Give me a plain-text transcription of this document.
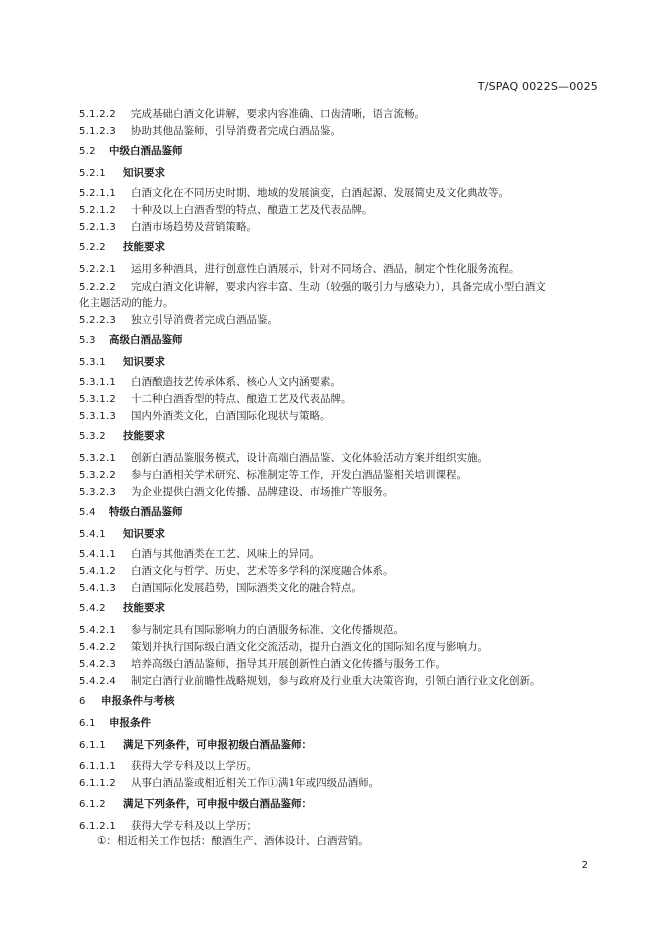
T/SPAQ 0022S—0025
5.1.2.2 完成基础白酒文化讲解，要求内容准确、口齿清晰，语言流畅。
5.1.2.3 协助其他品鉴师，引导消费者完成白酒品鉴。
5.2 中级白酒品鉴师
5.2.1 知识要求
5.2.1.1 白酒文化在不同历史时期、地域的发展演变，白酒起源、发展简史及文化典故等。
5.2.1.2 十种及以上白酒香型的特点、酿造工艺及代表品牌。
5.2.1.3 白酒市场趋势及营销策略。
5.2.2 技能要求
5.2.2.1 运用多种酒具，进行创意性白酒展示，针对不同场合、酒品，制定个性化服务流程。
5.2.2.2 完成白酒文化讲解，要求内容丰富、生动（较强的吸引力与感染力），具备完成小型白酒文
化主题活动的能力。
5.2.2.3 独立引导消费者完成白酒品鉴。
5.3 高级白酒品鉴师
5.3.1 知识要求
5.3.1.1 白酒酿造技艺传承体系、核心人文内涵要素。
5.3.1.2 十二种白酒香型的特点、酿造工艺及代表品牌。
5.3.1.3 国内外酒类文化，白酒国际化现状与策略。
5.3.2 技能要求
5.3.2.1 创新白酒品鉴服务模式，设计高端白酒品鉴、文化体验活动方案并组织实施。
5.3.2.2 参与白酒相关学术研究、标准制定等工作，开发白酒品鉴相关培训课程。
5.3.2.3 为企业提供白酒文化传播、品牌建设、市场推广等服务。
5.4 特级白酒品鉴师
5.4.1 知识要求
5.4.1.1 白酒与其他酒类在工艺、风味上的异同。
5.4.1.2 白酒文化与哲学、历史、艺术等多学科的深度融合体系。
5.4.1.3 白酒国际化发展趋势，国际酒类文化的融合特点。
5.4.2 技能要求
5.4.2.1 参与制定具有国际影响力的白酒服务标准、文化传播规范。
5.4.2.2 策划并执行国际级白酒文化交流活动，提升白酒文化的国际知名度与影响力。
5.4.2.3 培养高级白酒品鉴师，指导其开展创新性白酒文化传播与服务工作。
5.4.2.4 制定白酒行业前瞻性战略规划，参与政府及行业重大决策咨询，引领白酒行业文化创新。
6 申报条件与考核
6.1 申报条件
6.1.1 满足下列条件，可申报初级白酒品鉴师：
6.1.1.1 获得大学专科及以上学历。
6.1.1.2 从事白酒品鉴或相近相关工作①满1年或四级品酒师。
6.1.2 满足下列条件，可申报中级白酒品鉴师：
6.1.2.1 获得大学专科及以上学历；
①：相近相关工作包括：酿酒生产、酒体设计、白酒营销。
2
